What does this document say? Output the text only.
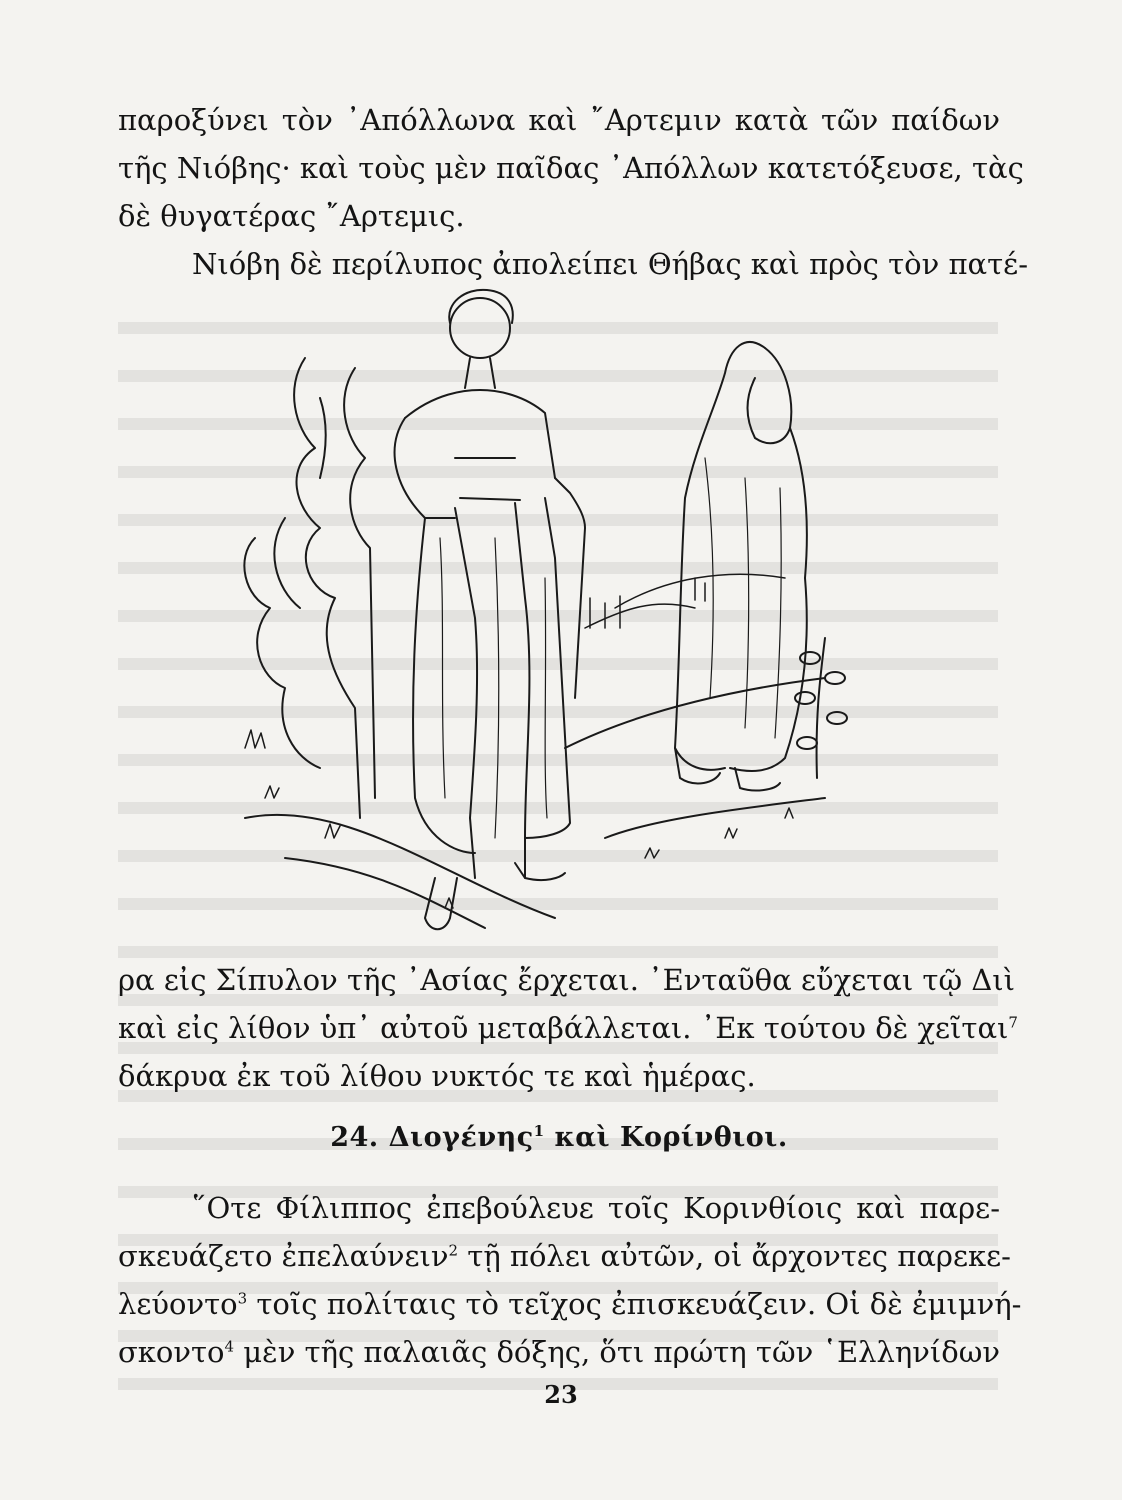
παροξύνει τὸν ᾿Απόλλωνα καὶ ῎Αρτεμιν κατὰ τῶν παίδων
τῆς Νιόβης· καὶ τοὺς μὲν παῖδας ᾿Απόλλων κατετόξευσε, τὰς
δὲ θυγατέρας ῎Αρτεμις.
Νιόβη δὲ περίλυπος ἀπολείπει Θήβας καὶ πρὸς τὸν πατέ-

ρα εἰς Σίπυλον τῆς ᾿Ασίας ἔρχεται. ᾿Ενταῦθα εὔχεται τῷ Διὶ
καὶ εἰς λίθον ὑπ᾿ αὐτοῦ μεταβάλλεται. ᾿Εκ τούτου δὲ χεῖται$^7$
δάκρυα ἐκ τοῦ λίθου νυκτός τε καὶ ἡμέρας.

24. Διογένης$^1$ καὶ Κορίνθιοι.

῞Οτε Φίλιππος ἐπεβούλευε τοῖς Κορινθίοις καὶ παρε-
σκευάζετο ἐπελαύνειν$^2$ τῇ πόλει αὐτῶν, οἱ ἄρχοντες παρεκε-
λεύοντο$^3$ τοῖς πολίταις τὸ τεῖχος ἐπισκευάζειν. Οἱ δὲ ἐμιμνή-
σκοντο$^4$ μὲν τῆς παλαιᾶς δόξης, ὅτι πρώτη τῶν ῾Ελληνίδων

23
